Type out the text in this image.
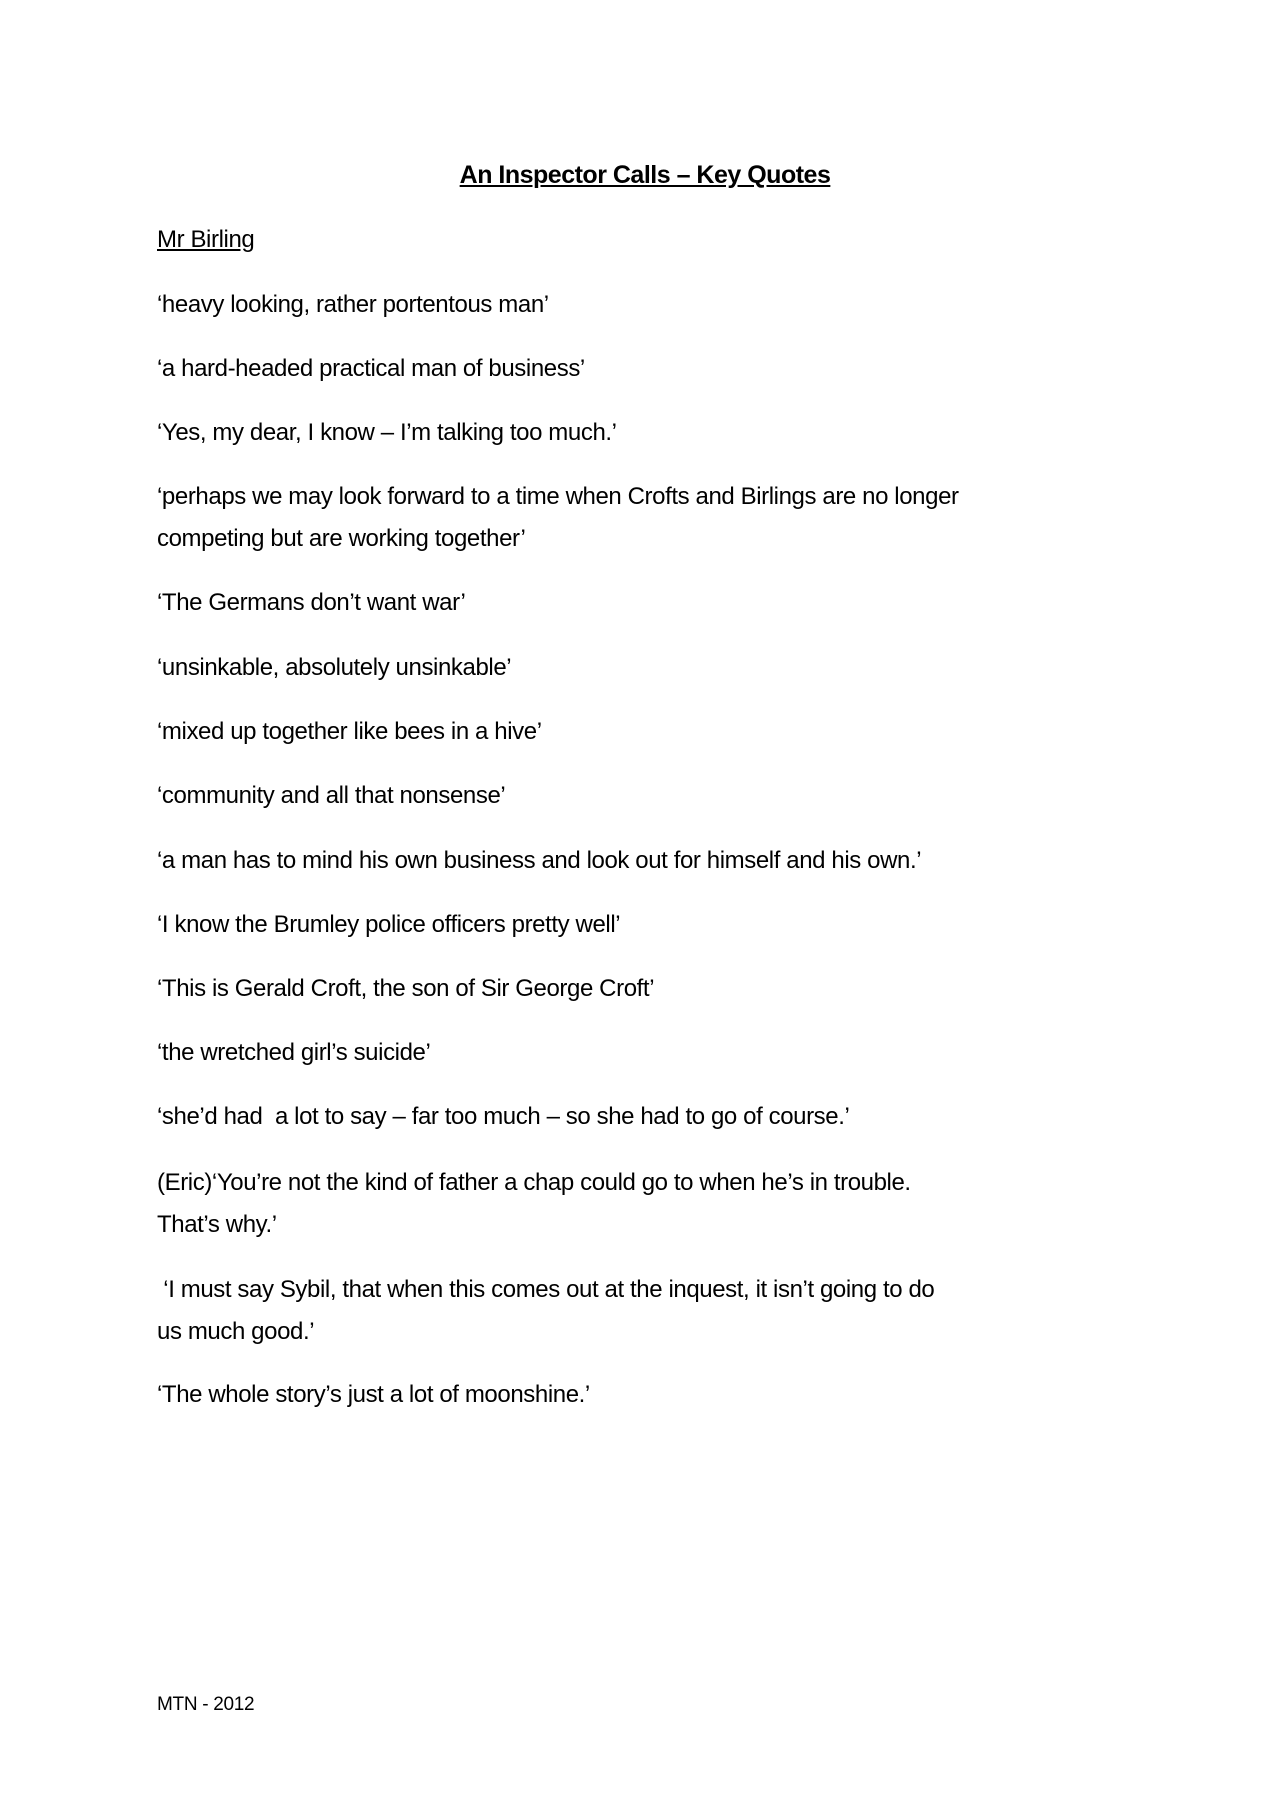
An Inspector Calls – Key Quotes
Mr Birling
‘heavy looking, rather portentous man’
‘a hard-headed practical man of business’
‘Yes, my dear, I know – I’m talking too much.’
‘perhaps we may look forward to a time when Crofts and Birlings are no longer
competing but are working together’
‘The Germans don’t want war’
‘unsinkable, absolutely unsinkable’
‘mixed up together like bees in a hive’
‘community and all that nonsense’
‘a man has to mind his own business and look out for himself and his own.’
‘I know the Brumley police officers pretty well’
‘This is Gerald Croft, the son of Sir George Croft’
‘the wretched girl’s suicide’
‘she’d had  a lot to say – far too much – so she had to go of course.’
(Eric)‘You’re not the kind of father a chap could go to when he’s in trouble.
That’s why.’
‘I must say Sybil, that when this comes out at the inquest, it isn’t going to do
us much good.’
‘The whole story’s just a lot of moonshine.’
MTN - 2012
